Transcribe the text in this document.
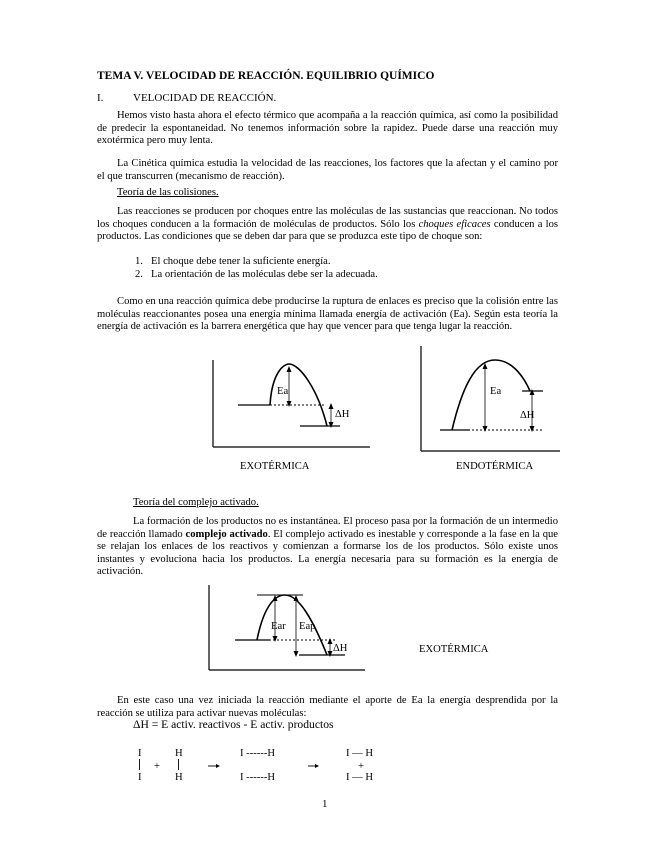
TEMA V. VELOCIDAD DE REACCIÓN. EQUILIBRIO QUÍMICO
I.	VELOCIDAD DE REACCIÓN.
Hemos visto hasta ahora el efecto térmico que acompaña a la reacción química, así como la posibilidad de predecir la espontaneidad. No tenemos información sobre la rapidez. Puede darse una reacción muy exotérmica pero muy lenta.
La Cinética química estudia la velocidad de las reacciones, los factores que la afectan y el camino por el que transcurren (mecanismo de reacción).
Teoría de las colisiones.
Las reacciones se producen por choques entre las moléculas de las sustancias que reaccionan. No todos los choques conducen a la formación de moléculas de productos. Sólo los choques eficaces conducen a los productos. Las condiciones que se deben dar para que se produzca este tipo de choque son:
1. El choque debe tener la suficiente energía.
2. La orientación de las moléculas debe ser la adecuada.
Como en una reacción química debe producirse la ruptura de enlaces es preciso que la colisión entre las moléculas reaccionantes posea una energía mínima llamada energía de activación (Ea). Según esta teoría la energía de activación es la barrera energética que hay que vencer para que tenga lugar la reacción.
Ea
ΔH
EXOTÉRMICA
Ea
ΔH
ENDOTÉRMICA
Teoría del complejo activado.
La formación de los productos no es instantánea. El proceso pasa por la formación de un intermedio de reacción llamado complejo activado. El complejo activado es inestable y corresponde a la fase en la que se relajan los enlaces de los reactivos y comienzan a formarse los de los productos. Sólo existe unos instantes y evoluciona hacia los productos. La energía necesaria para su formación es la energía de activación.
Ear Eap
ΔH	EXOTÉRMICA
En este caso una vez iniciada la reacción mediante el aporte de Ea la energía desprendida por la reacción se utiliza para activar nuevas moléculas:
ΔH = E activ. reactivos - E activ. productos
I
I
+
H
H
I ------H
I ------H
I — H
+
I — H
1
